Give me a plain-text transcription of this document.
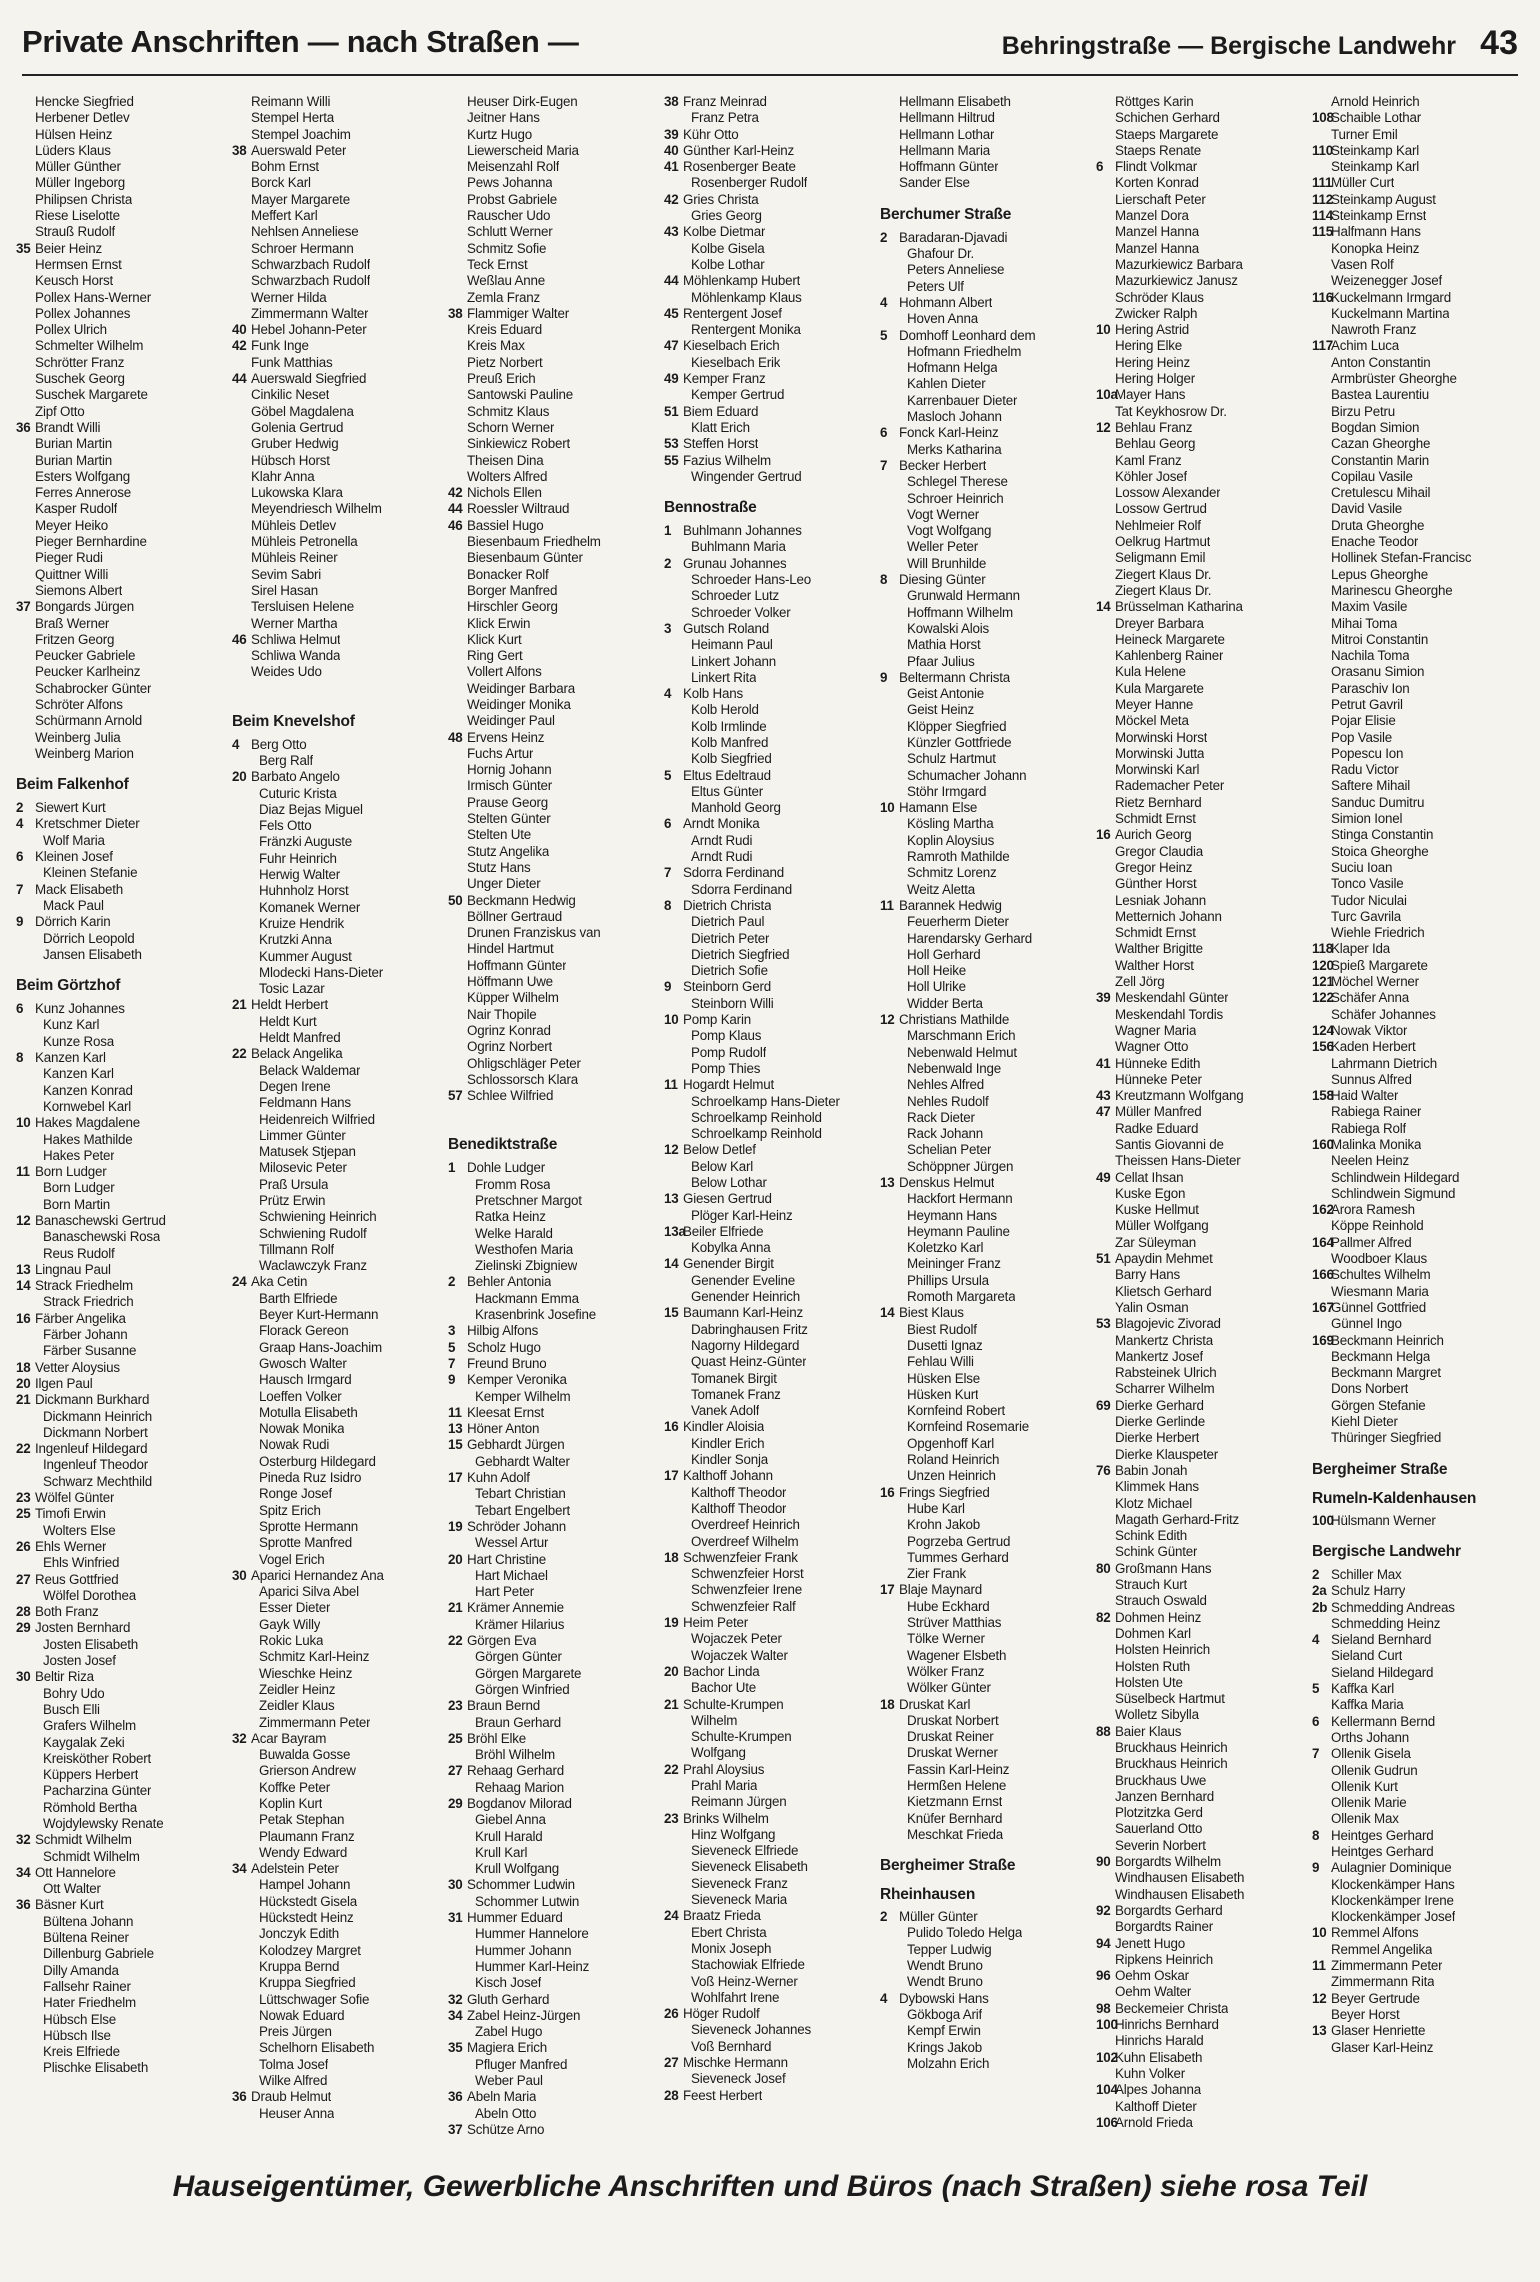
Private Anschriften — nach Straßen —	Behringstraße — Bergische Landwehr 43
Hencke Siegfried
Herbener Detlev
Hülsen Heinz
Lüders Klaus
Müller Günther
Müller Ingeborg
Philipsen Christa
Riese Liselotte
Strauß Rudolf
35 Beier Heinz
Hermsen Ernst
Keusch Horst
Pollex Hans-Werner
Pollex Johannes
Pollex Ulrich
Schmelter Wilhelm
Schrötter Franz
Suschek Georg
Suschek Margarete
Zipf Otto
36 Brandt Willi
Burian Martin
Burian Martin
Esters Wolfgang
Ferres Annerose
Kasper Rudolf
Meyer Heiko
Pieger Bernhardine
Pieger Rudi
Quittner Willi
Siemons Albert
37 Bongards Jürgen
Braß Werner
Fritzen Georg
Peucker Gabriele
Peucker Karlheinz
Schabrocker Günter
Schröter Alfons
Schürmann Arnold
Weinberg Julia
Weinberg Marion
Beim Falkenhof
2 Siewert Kurt
4 Kretschmer Dieter
Wolf Maria
6 Kleinen Josef
Kleinen Stefanie
7 Mack Elisabeth
Mack Paul
9 Dörrich Karin
Dörrich Leopold
Jansen Elisabeth
Beim Görtzhof
6 Kunz Johannes
Kunz Karl
Kunze Rosa
8 Kanzen Karl
Kanzen Karl
Kanzen Konrad
Kornwebel Karl
10 Hakes Magdalene
Hakes Mathilde
Hakes Peter
11 Born Ludger
Born Ludger
Born Martin
12 Banaschewski Gertrud
Banaschewski Rosa
Reus Rudolf
13 Lingnau Paul
14 Strack Friedhelm
Strack Friedrich
16 Färber Angelika
Färber Johann
Färber Susanne
18 Vetter Aloysius
20 Ilgen Paul
21 Dickmann Burkhard
Dickmann Heinrich
Dickmann Norbert
22 Ingenleuf Hildegard
Ingenleuf Theodor
Schwarz Mechthild
23 Wölfel Günter
25 Timofi Erwin
Wolters Else
26 Ehls Werner
Ehls Winfried
27 Reus Gottfried
Wölfel Dorothea
28 Both Franz
29 Josten Bernhard
Josten Elisabeth
Josten Josef
30 Beltir Riza
Bohry Udo
Busch Elli
Grafers Wilhelm
Kaygalak Zeki
Kreisköther Robert
Küppers Herbert
Pacharzina Günter
Römhold Bertha
Wojdylewsky Renate
32 Schmidt Wilhelm
Schmidt Wilhelm
34 Ott Hannelore
Ott Walter
36 Bäsner Kurt
Bültena Johann
Bültena Reiner
Dillenburg Gabriele
Dilly Amanda
Fallsehr Rainer
Hater Friedhelm
Hübsch Else
Hübsch Ilse
Kreis Elfriede
Plischke Elisabeth
Reimann Willi
Stempel Herta
Stempel Joachim
38 Auerswald Peter
Bohm Ernst
Borck Karl
Mayer Margarete
Meffert Karl
Nehlsen Anneliese
Schroer Hermann
Schwarzbach Rudolf
Schwarzbach Rudolf
Werner Hilda
Zimmermann Walter
40 Hebel Johann-Peter
42 Funk Inge
Funk Matthias
44 Auerswald Siegfried
Cinkilic Neset
Göbel Magdalena
Golenia Gertrud
Gruber Hedwig
Hübsch Horst
Klahr Anna
Lukowska Klara
Meyendriesch Wilhelm
Mühleis Detlev
Mühleis Petronella
Mühleis Reiner
Sevim Sabri
Sirel Hasan
Tersluisen Helene
Werner Martha
46 Schliwa Helmut
Schliwa Wanda
Weides Udo
Beim Knevelshof
4 Berg Otto
Berg Ralf
20 Barbato Angelo
Cuturic Krista
Diaz Bejas Miguel
Fels Otto
Fränzki Auguste
Fuhr Heinrich
Herwig Walter
Huhnholz Horst
Komanek Werner
Kruize Hendrik
Krutzki Anna
Kummer August
Mlodecki Hans-Dieter
Tosic Lazar
21 Heldt Herbert
Heldt Kurt
Heldt Manfred
22 Belack Angelika
Belack Waldemar
Degen Irene
Feldmann Hans
Heidenreich Wilfried
Limmer Günter
Matusek Stjepan
Milosevic Peter
Praß Ursula
Prütz Erwin
Schwiening Heinrich
Schwiening Rudolf
Tillmann Rolf
Waclawczyk Franz
24 Aka Cetin
Barth Elfriede
Beyer Kurt-Hermann
Florack Gereon
Graap Hans-Joachim
Gwosch Walter
Hausch Irmgard
Loeffen Volker
Motulla Elisabeth
Nowak Monika
Nowak Rudi
Osterburg Hildegard
Pineda Ruz Isidro
Ronge Josef
Spitz Erich
Sprotte Hermann
Sprotte Manfred
Vogel Erich
30 Aparici Hernandez Ana
Aparici Silva Abel
Esser Dieter
Gayk Willy
Rokic Luka
Schmitz Karl-Heinz
Wieschke Heinz
Zeidler Heinz
Zeidler Klaus
Zimmermann Peter
32 Acar Bayram
Buwalda Gosse
Grierson Andrew
Koffke Peter
Koplin Kurt
Petak Stephan
Plaumann Franz
Wendy Edward
34 Adelstein Peter
Hampel Johann
Hückstedt Gisela
Hückstedt Heinz
Jonczyk Edith
Kolodzey Margret
Kruppa Bernd
Kruppa Siegfried
Lüttschwager Sofie
Nowak Eduard
Preis Jürgen
Schelhorn Elisabeth
Tolma Josef
Wilke Alfred
36 Draub Helmut
Heuser Anna
Heuser Dirk-Eugen
Jeitner Hans
Kurtz Hugo
Liewerscheid Maria
Meisenzahl Rolf
Pews Johanna
Probst Gabriele
Rauscher Udo
Schlutt Werner
Schmitz Sofie
Teck Ernst
Weßlau Anne
Zemla Franz
38 Flammiger Walter
Kreis Eduard
Kreis Max
Pietz Norbert
Preuß Erich
Santowski Pauline
Schmitz Klaus
Schorn Werner
Sinkiewicz Robert
Theisen Dina
Wolters Alfred
42 Nichols Ellen
44 Roessler Wiltraud
46 Bassiel Hugo
Biesenbaum Friedhelm
Biesenbaum Günter
Bonacker Rolf
Borger Manfred
Hirschler Georg
Klick Erwin
Klick Kurt
Ring Gert
Vollert Alfons
Weidinger Barbara
Weidinger Monika
Weidinger Paul
48 Ervens Heinz
Fuchs Artur
Hornig Johann
Irmisch Günter
Prause Georg
Stelten Günter
Stelten Ute
Stutz Angelika
Stutz Hans
Unger Dieter
50 Beckmann Hedwig
Böllner Gertraud
Drunen Franziskus van
Hindel Hartmut
Hoffmann Günter
Höffmann Uwe
Küpper Wilhelm
Nair Thopile
Ogrinz Konrad
Ogrinz Norbert
Ohligschläger Peter
Schlossorsch Klara
57 Schlee Wilfried
Benediktstraße
1 Dohle Ludger
Fromm Rosa
Pretschner Margot
Ratka Heinz
Welke Harald
Westhofen Maria
Zielinski Zbigniew
2 Behler Antonia
Hackmann Emma
Krasenbrink Josefine
3 Hilbig Alfons
5 Scholz Hugo
7 Freund Bruno
9 Kemper Veronika
Kemper Wilhelm
11 Kleesat Ernst
13 Höner Anton
15 Gebhardt Jürgen
Gebhardt Walter
17 Kuhn Adolf
Tebart Christian
Tebart Engelbert
19 Schröder Johann
Wessel Artur
20 Hart Christine
Hart Michael
Hart Peter
21 Krämer Annemie
Krämer Hilarius
22 Görgen Eva
Görgen Günter
Görgen Margarete
Görgen Winfried
23 Braun Bernd
Braun Gerhard
25 Bröhl Elke
Bröhl Wilhelm
27 Rehaag Gerhard
Rehaag Marion
29 Bogdanov Milorad
Giebel Anna
Krull Harald
Krull Karl
Krull Wolfgang
30 Schommer Ludwin
Schommer Lutwin
31 Hummer Eduard
Hummer Hannelore
Hummer Johann
Hummer Karl-Heinz
Kisch Josef
32 Gluth Gerhard
34 Zabel Heinz-Jürgen
Zabel Hugo
35 Magiera Erich
Pfluger Manfred
Weber Paul
36 Abeln Maria
Abeln Otto
37 Schütze Arno
38 Franz Meinrad
Franz Petra
39 Kühr Otto
40 Günther Karl-Heinz
41 Rosenberger Beate
Rosenberger Rudolf
42 Gries Christa
Gries Georg
43 Kolbe Dietmar
Kolbe Gisela
Kolbe Lothar
44 Möhlenkamp Hubert
Möhlenkamp Klaus
45 Rentergent Josef
Rentergent Monika
47 Kieselbach Erich
Kieselbach Erik
49 Kemper Franz
Kemper Gertrud
51 Biem Eduard
Klatt Erich
53 Steffen Horst
55 Fazius Wilhelm
Wingender Gertrud
Bennostraße
1 Buhlmann Johannes
Buhlmann Maria
2 Grunau Johannes
Schroeder Hans-Leo
Schroeder Lutz
Schroeder Volker
3 Gutsch Roland
Heimann Paul
Linkert Johann
Linkert Rita
4 Kolb Hans
Kolb Herold
Kolb Irmlinde
Kolb Manfred
Kolb Siegfried
5 Eltus Edeltraud
Eltus Günter
Manhold Georg
6 Arndt Monika
Arndt Rudi
Arndt Rudi
7 Sdorra Ferdinand
Sdorra Ferdinand
8 Dietrich Christa
Dietrich Paul
Dietrich Peter
Dietrich Siegfried
Dietrich Sofie
9 Steinborn Gerd
Steinborn Willi
10 Pomp Karin
Pomp Klaus
Pomp Rudolf
Pomp Thies
11 Hogardt Helmut
Schroelkamp Hans-Dieter
Schroelkamp Reinhold
Schroelkamp Reinhold
12 Below Detlef
Below Karl
Below Lothar
13 Giesen Gertrud
Plöger Karl-Heinz
13a
Beiler Elfriede
Kobylka Anna
14 Genender Birgit
Genender Eveline
Genender Heinrich
15 Baumann Karl-Heinz
Dabringhausen Fritz
Nagorny Hildegard
Quast Heinz-Günter
Tomanek Birgit
Tomanek Franz
Vanek Adolf
16 Kindler Aloisia
Kindler Erich
Kindler Sonja
17 Kalthoff Johann
Kalthoff Theodor
Kalthoff Theodor
Overdreef Heinrich
Overdreef Wilhelm
18 Schwenzfeier Frank
Schwenzfeier Horst
Schwenzfeier Irene
Schwenzfeier Ralf
19 Heim Peter
Wojacz​ek Peter
Wojaczek Walter
20 Bachor Linda
Bachor Ute
21 Schulte-Krumpen
Wilhelm
Schulte-Krumpen
Wolfgang
22 Prahl Aloysius
Prahl Maria
Reimann Jürgen
23 Brinks Wilhelm
Hinz Wolfgang
Sieveneck Elfriede
Sieveneck Elisabeth
Sieveneck Franz
Sieveneck Maria
24 Braatz Frieda
Ebert Christa
Monix Joseph
Stachowiak Elfriede
Voß Heinz-Werner
Wohlfahrt Irene
26 Höger Rudolf
Sieveneck Johannes
Voß Bernhard
27 Mischke Hermann
Sieveneck Josef
28 Feest Herbert
Hellmann Elisabeth
Hellmann Hiltrud
Hellmann Lothar
Hellmann Maria
Hoffmann Günter
Sander Else
Berchumer Straße
2 Baradaran-Djavadi
Ghafour Dr.
Peters Anneliese
Peters Ulf
4 Hohmann Albert
Hoven Anna
5 Domhoff Leonhard dem
Hofmann Friedhelm
Hofmann Helga
Kahlen Dieter
Karrenbauer Dieter
Masloch Johann
6 Fonck Karl-Heinz
Merks Katharina
7 Becker Herbert
Schlegel Therese
Schroer Heinrich
Vogt Werner
Vogt Wolfgang
Weller Peter
Will Brunhilde
8 Diesing Günter
Grunwald Hermann
Hoffmann Wilhelm
Kowalski Alois
Mathia Horst
Pfaar Julius
9 Beltermann Christa
Geist Antonie
Geist Heinz
Klöpper Siegfried
Künzler Gottfriede
Schulz Hartmut
Schumacher Johann
Stöhr Irmgard
10 Hamann Else
Kösling Martha
Koplin Aloysius
Ramroth Mathilde
Schmitz Lorenz
Weitz Aletta
11 Barannek Hedwig
Feuerherm Dieter
Harendarsky Gerhard
Holl Gerhard
Holl Heike
Holl Ulrike
Widder Berta
12 Christians Mathilde
Marschmann Erich
Nebenwald Helmut
Nebenwald Inge
Nehles Alfred
Nehles Rudolf
Rack Dieter
Rack Johann
Schelian Peter
Schöppner Jürgen
13 Denskus Helmut
Hackfort Hermann
Heymann Hans
Heymann Pauline
Koletzko Karl
Meininger Franz
Phillips Ursula
Romoth Margareta
14 Biest Klaus
Biest Rudolf
Dusetti Ignaz
Fehlau Willi
Hüsken Else
Hüsken Kurt
Kornfeind Robert
Kornfeind Rosemarie
Opgenhoff Karl
Roland Heinrich
Unzen Heinrich
16 Frings Siegfried
Hube Karl
Krohn Jakob
Pogrzeba Gertrud
Tummes Gerhard
Zier Frank
17 Blaje Maynard
Hube Eckhard
Strüver Matthias
Tölke Werner
Wagener Elsbeth
Wölker Franz
Wölker Günter
18 Druskat Karl
Druskat Norbert
Druskat Reiner
Druskat Werner
Fassin Karl-Heinz
Hermßen Helene
Kietzmann Ernst
Knüfer Bernhard
Meschkat Frieda
Bergheimer Straße
Rheinhausen
2 Müller Günter
Pulido Toledo Helga
Tepper Ludwig
Wendt Bruno
Wendt Bruno
4 Dybowski Hans
Gökboga Arif
Kempf Erwin
Krings Jakob
Molzahn Erich
Röttges Karin
Schichen Gerhard
Staeps Margarete
Staeps Renate
6 Flindt Volkmar
Korten Konrad
Lierschaft Peter
Manzel Dora
Manzel Hanna
Manzel Hanna
Mazurkiewicz Barbara
Mazurkiewicz Janusz
Schröder Klaus
Zwicker Ralph
10 Hering Astrid
Hering Elke
Hering Heinz
Hering Holger
10a
Mayer Hans
Tat Keykhosrow Dr.
12 Behlau Franz
Behlau Georg
Kaml Franz
Köhler Josef
Lossow Alexander
Lossow Gertrud
Nehlmeier Rolf
Oelkrug Hartmut
Seligmann Emil
Ziegert Klaus Dr.
Ziegert Klaus Dr.
14 Brüsselman Katharina
Dreyer Barbara
Heineck Margarete
Kahlenberg Rainer
Kula Helene
Kula Margarete
Meyer Hanne
Möckel Meta
Morwinski Horst
Morwinski Jutta
Morwinski Karl
Rademacher Peter
Rietz Bernhard
Schmidt Ernst
16 Aurich Georg
Gregor Claudia
Gregor Heinz
Günther Horst
Lesniak Johann
Metternich Johann
Schmidt Ernst
Walther Brigitte
Walther Horst
Zell Jörg
39 Meskendahl Günter
Meskendahl Tordis
Wagner Maria
Wagner Otto
41 Hünneke Edith
Hünneke Peter
43 Kreutzmann Wolfgang
47 Müller Manfred
Radke Eduard
Santis Giovanni de
Theissen Hans-Dieter
49 Cellat Ihsan
Kuske Egon
Kuske Hellmut
Müller Wolfgang
Zar Süleyman
51 Apaydin Mehmet
Barry Hans
Klietsch Gerhard
Yalin Osman
53 Blagojevic Zivorad
Mankertz Christa
Mankertz Josef
Rabsteinek Ulrich
Scharrer Wilhelm
69 Dierke Gerhard
Dierke Gerlinde
Dierke Herbert
Dierke Klauspeter
76 Babin Jonah
Klimmek Hans
Klotz Michael
Magath Gerhard-Fritz
Schink Edith
Schink Günter
80 Großmann Hans
Strauch Kurt
Strauch Oswald
82 Dohmen Heinz
Dohmen Karl
Holsten Heinrich
Holsten Ruth
Holsten Ute
Süselbeck Hartmut
Wolletz Sibylla
88 Baier Klaus
Bruckhaus Heinrich
Bruckhaus Heinrich
Bruckhaus Uwe
Janzen Bernhard
Plotzitzka Gerd
Sauerland Otto
Severin Norbert
90 Borgardts Wilhelm
Windhausen Elisabeth
Windhausen Elisabeth
92 Borgardts Gerhard
Borgardts Rainer
94 Jenett Hugo
Ripkens Heinrich
96 Oehm Oskar
Oehm Walter
98 Beckemeier Christa
100
Hinrichs Bernhard
Hinrichs Harald
102
Kuhn Elisabeth
Kuhn Volker
104
Alpes Johanna
Kalthoff Dieter
106
Arnold Frieda
Arnold Heinrich
108
Schaible Lothar
Turner Emil
110
Steinkamp Karl
Steinkamp Karl
111
Müller Curt
112
Steinkamp August
114
Steinkamp Ernst
115
Halfmann Hans
Konopka Heinz
Vasen Rolf
Weizenegger Josef
116
Kuckelmann Irmgard
Kuckelmann Martina
Nawroth Franz
117
Achim Luca
Anton Constantin
Armbrüster Gheorghe
Bastea Laurentiu
Birzu Petru
Bogdan Simion
Cazan Gheorghe
Constantin Marin
Copilau Vasile
Cretulescu Mihail
David Vasile
Druta Gheorghe
Enache Teodor
Hollinek Stefan-Francisc
Lepus Gheorghe
Marinescu Gheorghe
Maxim Vasile
Mihai Toma
Mitroi Constantin
Nachila Toma
Orasanu Simion
Paraschiv Ion
Petrut Gavril
Pojar Elisie
Pop Vasile
Popescu Ion
Radu Victor
Saftere Mihail
Sanduc Dumitru
Simion Ionel
Stinga Constantin
Stoica Gheorghe
Suciu Ioan
Tonco Vasile
Tudor Niculai
Turc Gavrila
Wiehle Friedrich
118
Klaper Ida
120
Spieß Margarete
121
Möchel Werner
122
Schäfer Anna
Schäfer Johannes
124
Nowak Viktor
156
Kaden Herbert
Lahrmann Dietrich
Sunnus Alfred
158
Haid Walter
Rabiega Rainer
Rabiega Rolf
160
Malinka Monika
Neelen Heinz
Schlindwein Hildegard
Schlindwein Sigmund
162
Arora Ramesh
Köppe Reinhold
164
Pallmer Alfred
Woodboer Klaus
166
Schultes Wilhelm
Wiesmann Maria
167
Günnel Gottfried
Günnel Ingo
169
Beckmann Heinrich
Beckmann Helga
Beckmann Margret
Dons Norbert
Görgen Stefanie
Kiehl Dieter
Thüringer Siegfried
Bergheimer Straße
Rumeln-Kaldenhausen
100
Hülsmann Werner
Bergische Landwehr
2 Schiller Max
2a Schulz Harry
2b Schmedding Andreas
Schmedding Heinz
4 Sieland Bernhard
Sieland Curt
Sieland Hildegard
5 Kaffka Karl
Kaffka Maria
6 Kellermann Bernd
Orths Johann
7 Ollenik Gisela
Ollenik Gudrun
Ollenik Kurt
Ollenik Marie
Ollenik Max
8 Heintges Gerhard
Heintges Gerhard
9 Aulagnier Dominique
Klockenkämper Hans
Klockenkämper Irene
Klockenkämper Josef
10 Remmel Alfons
Remmel Angelika
11 Zimmermann Peter
Zimmermann Rita
12 Beyer Gertrude
Beyer Horst
13 Glaser Henriette
Glaser Karl-Heinz
Hauseigentümer, Gewerbliche Anschriften und Büros (nach Straßen) siehe rosa Teil
